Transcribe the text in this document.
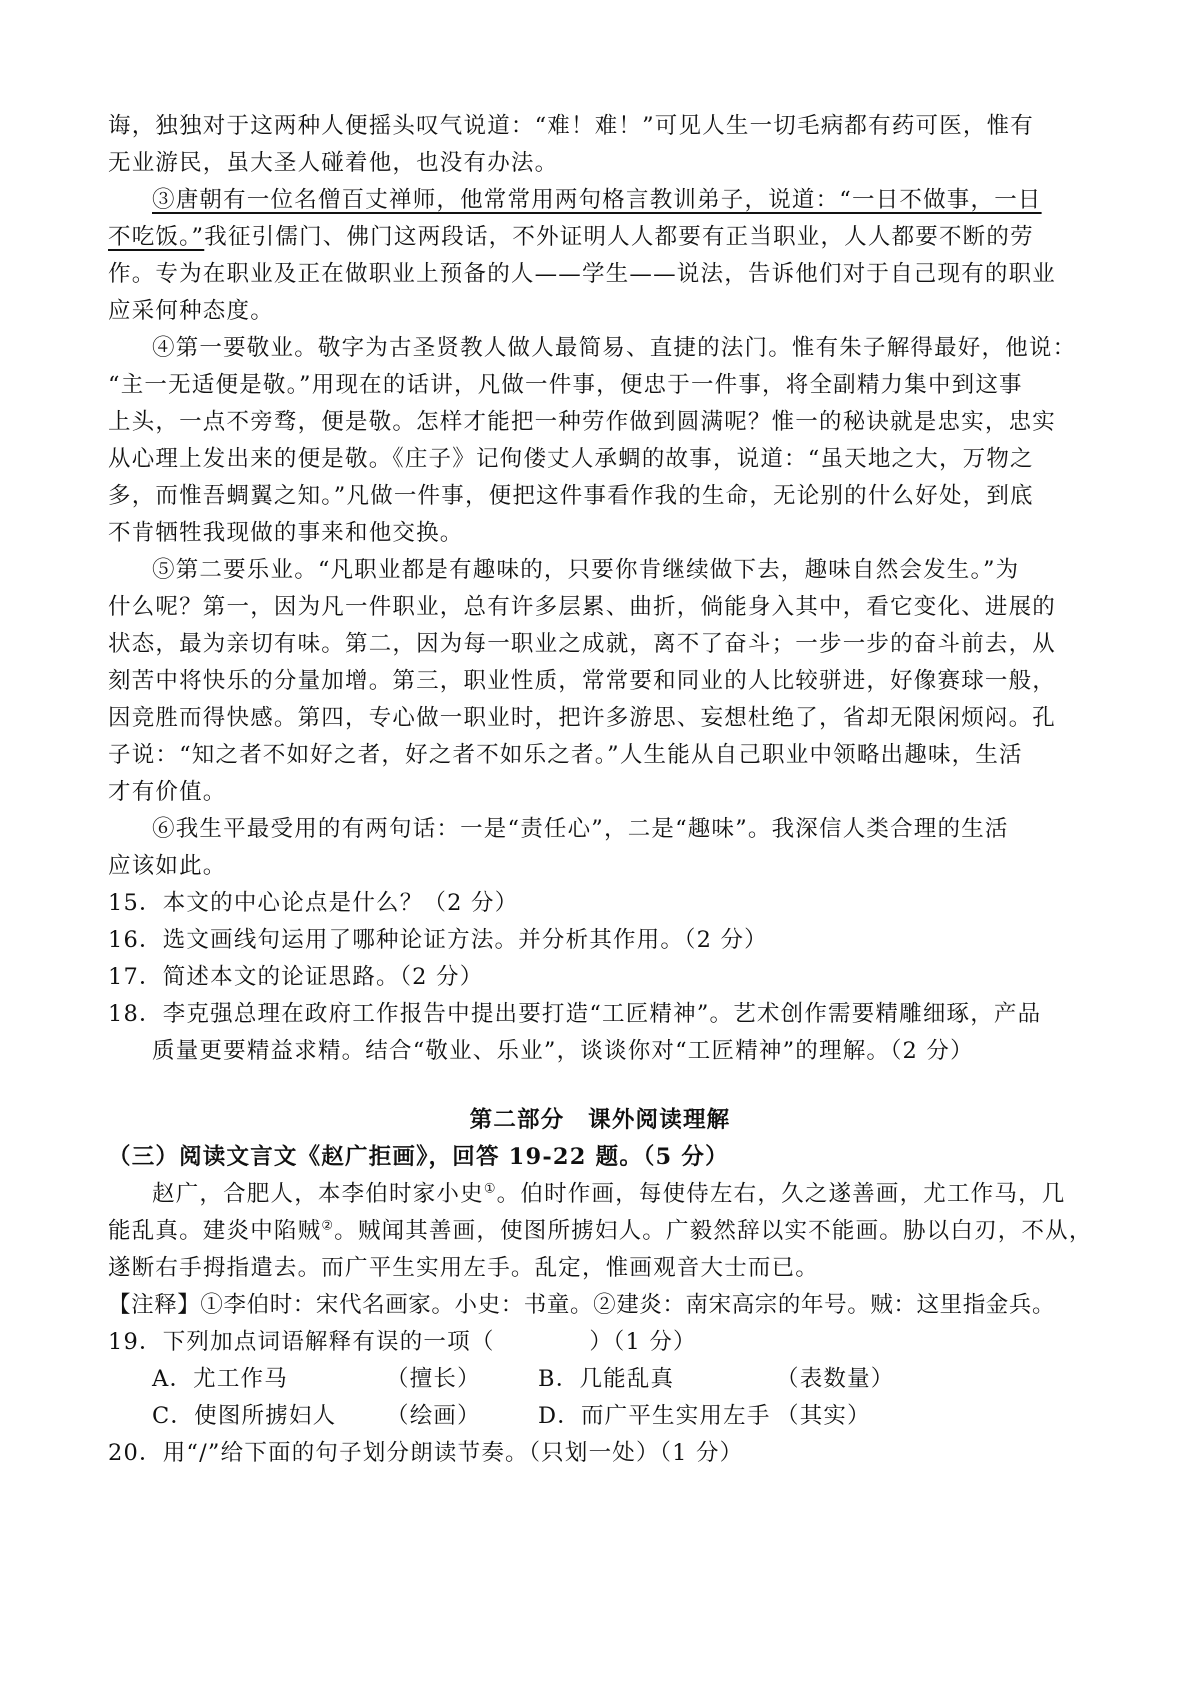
诲，独独对于这两种人便摇头叹气说道：“难！难！”可见人生一切毛病都有药可医，惟有
无业游民，虽大圣人碰着他，也没有办法。
③唐朝有一位名僧百丈禅师，他常常用两句格言教训弟子，说道：“一日不做事，一日
不吃饭。”我征引儒门、佛门这两段话，不外证明人人都要有正当职业，人人都要不断的劳
作。专为在职业及正在做职业上预备的人——学生——说法，告诉他们对于自己现有的职业
应采何种态度。
④第一要敬业。敬字为古圣贤教人做人最简易、直捷的法门。惟有朱子解得最好，他说：
“主一无适便是敬。”用现在的话讲，凡做一件事，便忠于一件事，将全副精力集中到这事
上头，一点不旁骛，便是敬。怎样才能把一种劳作做到圆满呢？惟一的秘诀就是忠实，忠实
从心理上发出来的便是敬。《庄子》记佝偻丈人承蜩的故事，说道：“虽天地之大，万物之
多，而惟吾蜩翼之知。”凡做一件事，便把这件事看作我的生命，无论别的什么好处，到底
不肯牺牲我现做的事来和他交换。
⑤第二要乐业。“凡职业都是有趣味的，只要你肯继续做下去，趣味自然会发生。”为
什么呢？第一，因为凡一件职业，总有许多层累、曲折，倘能身入其中，看它变化、进展的
状态，最为亲切有味。第二，因为每一职业之成就，离不了奋斗；一步一步的奋斗前去，从
刻苦中将快乐的分量加增。第三，职业性质，常常要和同业的人比较骈进，好像赛球一般，
因竞胜而得快感。第四，专心做一职业时，把许多游思、妄想杜绝了，省却无限闲烦闷。孔
子说：“知之者不如好之者，好之者不如乐之者。”人生能从自己职业中领略出趣味，生活
才有价值。
⑥我生平最受用的有两句话：一是“责任心”，二是“趣味”。我深信人类合理的生活
应该如此。
15．本文的中心论点是什么？（2 分）
16．选文画线句运用了哪种论证方法。并分析其作用。（2 分）
17．简述本文的论证思路。（2 分）
18．李克强总理在政府工作报告中提出要打造“工匠精神”。艺术创作需要精雕细琢，产品
质量更要精益求精。结合“敬业、乐业”，谈谈你对“工匠精神”的理解。（2 分）
第二部分　课外阅读理解
（三）阅读文言文《赵广拒画》，回答 19-22 题。（5 分）
赵广，合肥人，本李伯时家小史①。伯时作画，每使侍左右，久之遂善画，尤工作马，几
能乱真。建炎中陷贼②。贼闻其善画，使图所掳妇人。广毅然辞以实不能画。胁以白刃，不从，
遂断右手拇指遣去。而广平生实用左手。乱定，惟画观音大士而已。
【注释】①李伯时：宋代名画家。小史：书童。②建炎：南宋高宗的年号。贼：这里指金兵。
19．下列加点词语解释有误的一项（　　　　）（1 分）
A．尤工作马	（擅长）	B．几能乱真	（表数量）
C．使图所掳妇人 （绘画）	D．而广平生实用左手 （其实）
20．用“/”给下面的句子划分朗读节奏。（只划一处）（1 分）
